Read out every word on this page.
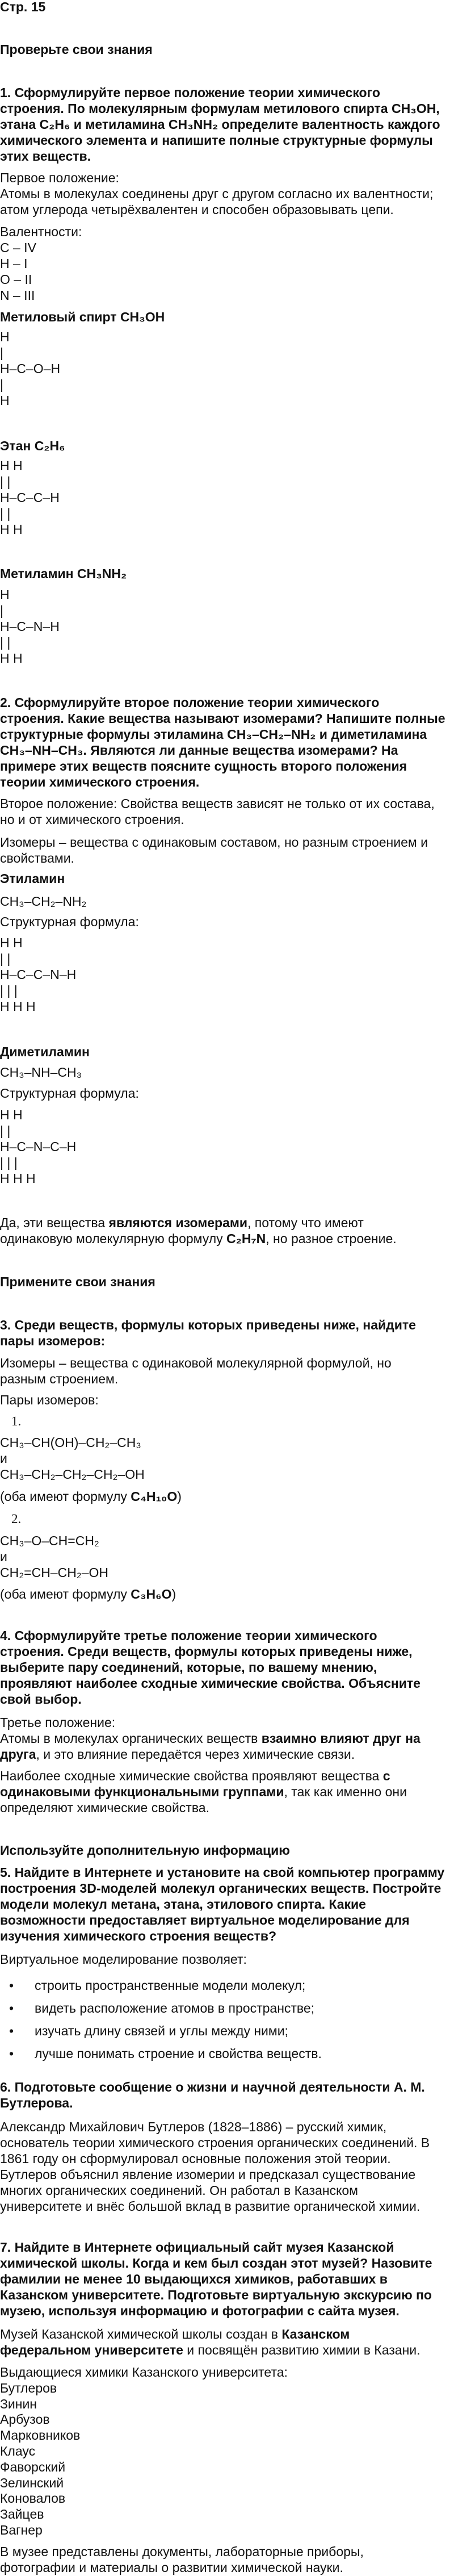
Стр. 15
Проверьте свои знания
1. Сформулируйте первое положение теории химического
строения. По молекулярным формулам метилового спирта CH₃OH,
этана C₂H₆ и метиламина CH₃NH₂ определите валентность каждого
химического элемента и напишите полные структурные формулы
этих веществ.
Первое положение:
Атомы в молекулах соединены друг с другом согласно их валентности;
атом углерода четырёхвалентен и способен образовывать цепи.
Валентности:
C – IV
H – I
O – II
N – III
Метиловый спирт CH₃OH
H
|
H–C–O–H
|
H
Этан C₂H₆
H H
| |
H–C–C–H
| |
H H
Метиламин CH₃NH₂
H
|
H–C–N–H
| |
H H
2. Сформулируйте второе положение теории химического
строения. Какие вещества называют изомерами? Напишите полные
структурные формулы этиламина CH₃–CH₂–NH₂ и диметиламина
CH₃–NH–CH₃. Являются ли данные вещества изомерами? На
примере этих веществ поясните сущность второго положения
теории химического строения.
Второе положение: Свойства веществ зависят не только от их состава,
но и от химического строения.
Изомеры – вещества с одинаковым составом, но разным строением и
свойствами.
Этиламин
CH₃–CH₂–NH₂
Структурная формула:
H H
| |
H–C–C–N–H
| | |
H H H
Диметиламин
CH₃–NH–CH₃
Структурная формула:
H H
| |
H–C–N–C–H
| | |
H H H
Да, эти вещества являются изомерами, потому что имеют
одинаковую молекулярную формулу C₂H₇N, но разное строение.
Примените свои знания
3. Среди веществ, формулы которых приведены ниже, найдите
пары изомеров:
Изомеры – вещества с одинаковой молекулярной формулой, но
разным строением.
Пары изомеров:
1.
CH₃–CH(OH)–CH₂–CH₃
и
CH₃–CH₂–CH₂–CH₂–OH
(оба имеют формулу C₄H₁₀O)
2.
CH₃–O–CH=CH₂
и
CH₂=CH–CH₂–OH
(оба имеют формулу C₃H₆O)
4. Сформулируйте третье положение теории химического
строения. Среди веществ, формулы которых приведены ниже,
выберите пару соединений, которые, по вашему мнению,
проявляют наиболее сходные химические свойства. Объясните
свой выбор.
Третье положение:
Атомы в молекулах органических веществ взаимно влияют друг на
друга, и это влияние передаётся через химические связи.
Наиболее сходные химические свойства проявляют вещества с
одинаковыми функциональными группами, так как именно они
определяют химические свойства.
Используйте дополнительную информацию
5. Найдите в Интернете и установите на свой компьютер программу
построения 3D-моделей молекул органических веществ. Постройте
модели молекул метана, этана, этилового спирта. Какие
возможности предоставляет виртуальное моделирование для
изучения химического строения веществ?
Виртуальное моделирование позволяет:
• строить пространственные модели молекул;
• видеть расположение атомов в пространстве;
• изучать длину связей и углы между ними;
• лучше понимать строение и свойства веществ.
6. Подготовьте сообщение о жизни и научной деятельности А. М.
Бутлерова.
Александр Михайлович Бутлеров (1828–1886) – русский химик,
основатель теории химического строения органических соединений. В
1861 году он сформулировал основные положения этой теории.
Бутлеров объяснил явление изомерии и предсказал существование
многих органических соединений. Он работал в Казанском
университете и внёс большой вклад в развитие органической химии.
7. Найдите в Интернете официальный сайт музея Казанской
химической школы. Когда и кем был создан этот музей? Назовите
фамилии не менее 10 выдающихся химиков, работавших в
Казанском университете. Подготовьте виртуальную экскурсию по
музею, используя информацию и фотографии с сайта музея.
Музей Казанской химической школы создан в Казанском
федеральном университете и посвящён развитию химии в Казани.
Выдающиеся химики Казанского университета:
Бутлеров
Зинин
Арбузов
Марковников
Клаус
Фаворский
Зелинский
Коновалов
Зайцев
Вагнер
В музее представлены документы, лабораторные приборы,
фотографии и материалы о развитии химической науки.
